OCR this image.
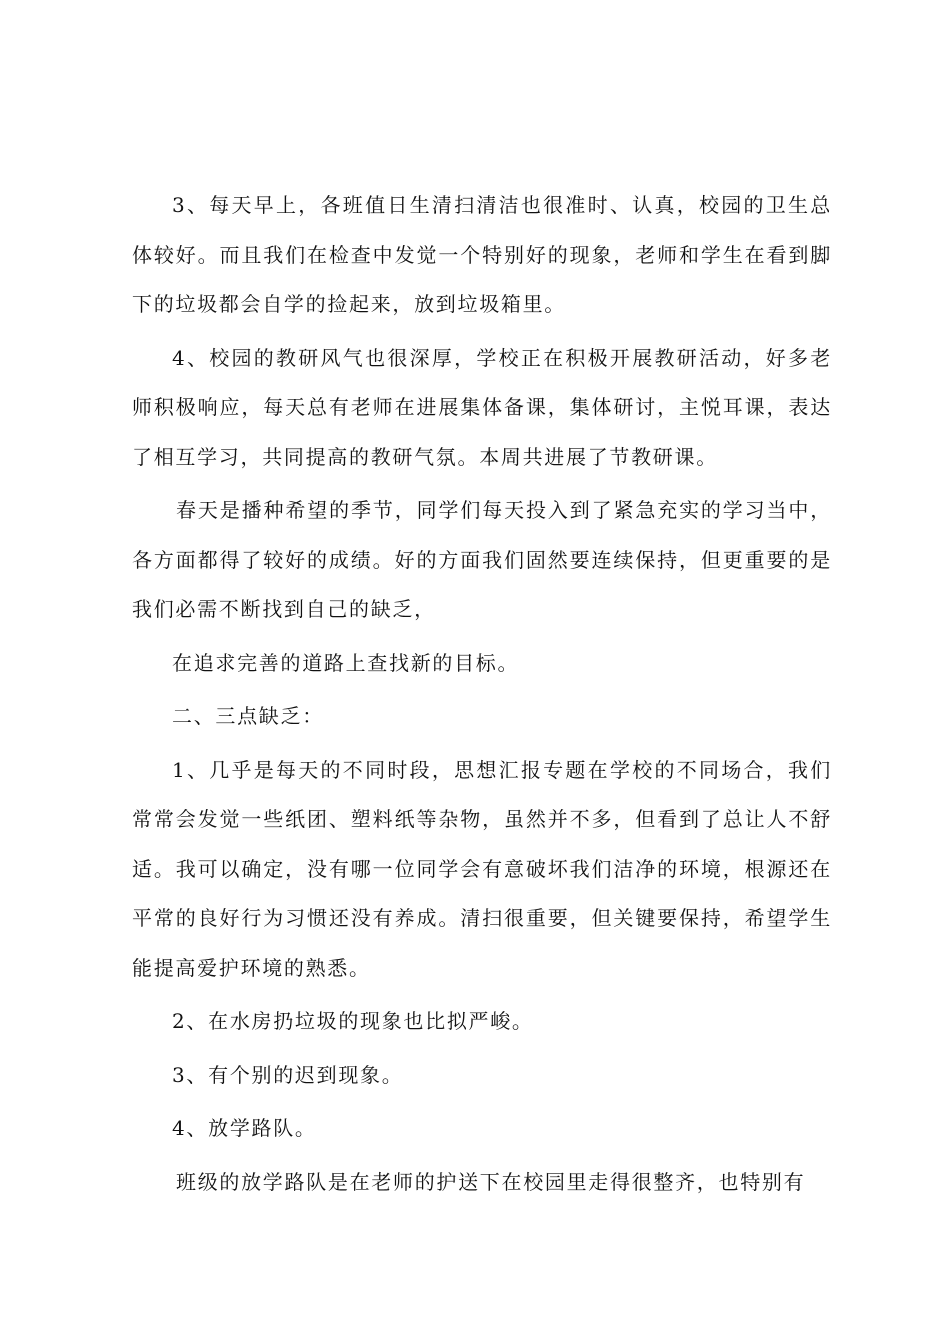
3、每天早上，各班值日生清扫清洁也很准时、认真，校园的卫生总体较好。而且我们在检查中发觉一个特别好的现象，老师和学生在看到脚下的垃圾都会自学的捡起来，放到垃圾箱里。

4、校园的教研风气也很深厚，学校正在积极开展教研活动，好多老师积极响应，每天总有老师在进展集体备课，集体研讨，主悦耳课，表达了相互学习，共同提高的教研气氛。本周共进展了节教研课。

春天是播种希望的季节，同学们每天投入到了紧急充实的学习当中，各方面都得了较好的成绩。好的方面我们固然要连续保持，但更重要的是我们必需不断找到自己的缺乏，

在追求完善的道路上查找新的目标。

二、三点缺乏：

1、几乎是每天的不同时段，思想汇报专题在学校的不同场合，我们常常会发觉一些纸团、塑料纸等杂物，虽然并不多，但看到了总让人不舒适。我可以确定，没有哪一位同学会有意破坏我们洁净的环境，根源还在平常的良好行为习惯还没有养成。清扫很重要，但关键要保持，希望学生能提高爱护环境的熟悉。

2、在水房扔垃圾的现象也比拟严峻。

3、有个别的迟到现象。

4、放学路队。

班级的放学路队是在老师的护送下在校园里走得很整齐，也特别有
